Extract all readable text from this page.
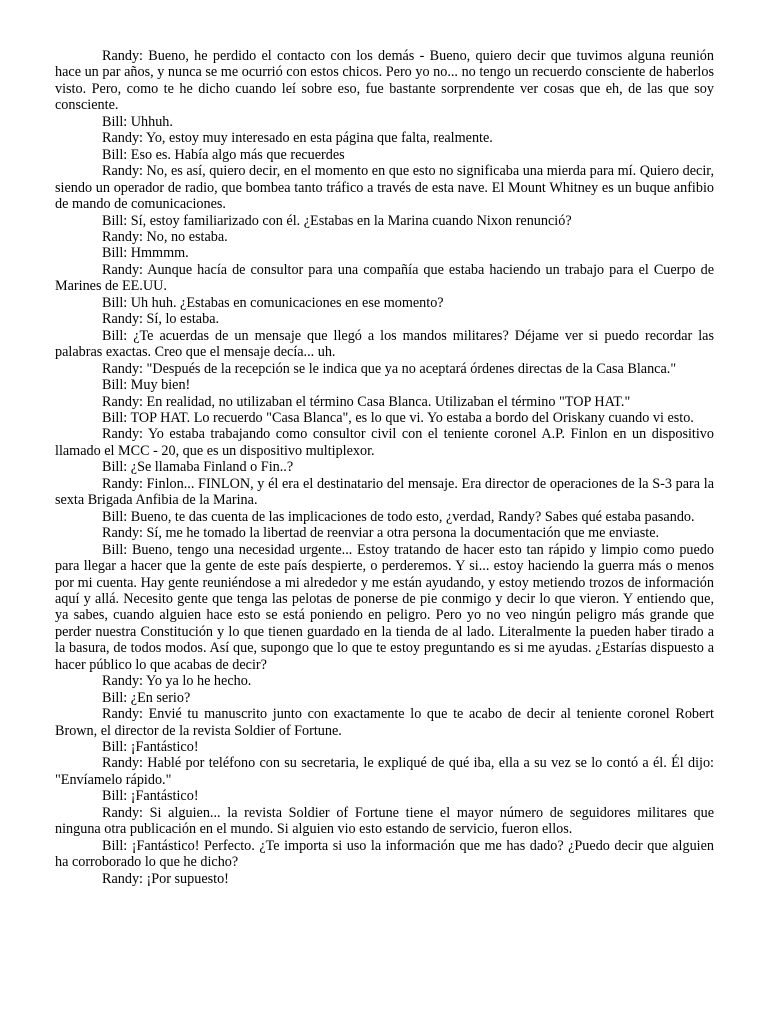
Randy: Bueno, he perdido el contacto con los demás - Bueno, quiero decir que tuvimos alguna reunión hace un par años, y nunca se me ocurrió con estos chicos. Pero yo no... no tengo un recuerdo consciente de haberlos visto. Pero, como te he dicho cuando leí sobre eso, fue bastante sorprendente ver cosas que eh, de las que soy consciente.

Bill: Uhhuh.

Randy: Yo, estoy muy interesado en esta página que falta, realmente.

Bill: Eso es. Había algo más que recuerdes

Randy: No, es así, quiero decir, en el momento en que esto no significaba una mierda para mí. Quiero decir, siendo un operador de radio, que bombea tanto tráfico a través de esta nave. El Mount Whitney es un buque anfibio de mando de comunicaciones.

Bill: Sí, estoy familiarizado con él. ¿Estabas en la Marina cuando Nixon renunció?

Randy: No, no estaba.

Bill: Hmmmm.

Randy: Aunque hacía de consultor para una compañía que estaba haciendo un trabajo para el Cuerpo de Marines de EE.UU.

Bill: Uh huh. ¿Estabas en comunicaciones en ese momento?

Randy: Sí, lo estaba.

Bill: ¿Te acuerdas de un mensaje que llegó a los mandos militares? Déjame ver si puedo recordar las palabras exactas. Creo que el mensaje decía... uh.

Randy: "Después de la recepción se le indica que ya no aceptará órdenes directas de la Casa Blanca."

Bill: Muy bien!

Randy: En realidad, no utilizaban el término Casa Blanca. Utilizaban el término "TOP HAT."

Bill: TOP HAT. Lo recuerdo "Casa Blanca", es lo que vi. Yo estaba a bordo del Oriskany cuando vi esto.

Randy: Yo estaba trabajando como consultor civil con el teniente coronel A.P. Finlon en un dispositivo llamado el MCC - 20, que es un dispositivo multiplexor.

Bill: ¿Se llamaba Finland o Fin..?

Randy: Finlon... FINLON, y él era el destinatario del mensaje. Era director de operaciones de la S-3 para la sexta Brigada Anfibia de la Marina.

Bill: Bueno, te das cuenta de las implicaciones de todo esto, ¿verdad, Randy? Sabes qué estaba pasando.

Randy: Sí, me he tomado la libertad de reenviar a otra persona la documentación que me enviaste.

Bill: Bueno, tengo una necesidad urgente... Estoy tratando de hacer esto tan rápido y limpio como puedo para llegar a hacer que la gente de este país despierte, o perderemos. Y si... estoy haciendo la guerra más o menos por mi cuenta. Hay gente reuniéndose a mi alrededor y me están ayudando, y estoy metiendo trozos de información aquí y allá. Necesito gente que tenga las pelotas de ponerse de pie conmigo y decir lo que vieron. Y entiendo que, ya sabes, cuando alguien hace esto se está poniendo en peligro. Pero yo no veo ningún peligro más grande que perder nuestra Constitución y lo que tienen guardado en la tienda de al lado. Literalmente la pueden haber tirado a la basura, de todos modos. Así que, supongo que lo que te estoy preguntando es si me ayudas. ¿Estarías dispuesto a hacer público lo que acabas de decir?

Randy: Yo ya lo he hecho.

Bill: ¿En serio?

Randy: Envié tu manuscrito junto con exactamente lo que te acabo de decir al teniente coronel Robert Brown, el director de la revista Soldier of Fortune.

Bill: ¡Fantástico!

Randy: Hablé por teléfono con su secretaria, le expliqué de qué iba, ella a su vez se lo contó a él. Él dijo: "Envíamelo rápido."

Bill: ¡Fantástico!

Randy: Si alguien... la revista Soldier of Fortune tiene el mayor número de seguidores militares que ninguna otra publicación en el mundo. Si alguien vio esto estando de servicio, fueron ellos.

Bill: ¡Fantástico! Perfecto. ¿Te importa si uso la información que me has dado? ¿Puedo decir que alguien ha corroborado lo que he dicho?

Randy: ¡Por supuesto!
